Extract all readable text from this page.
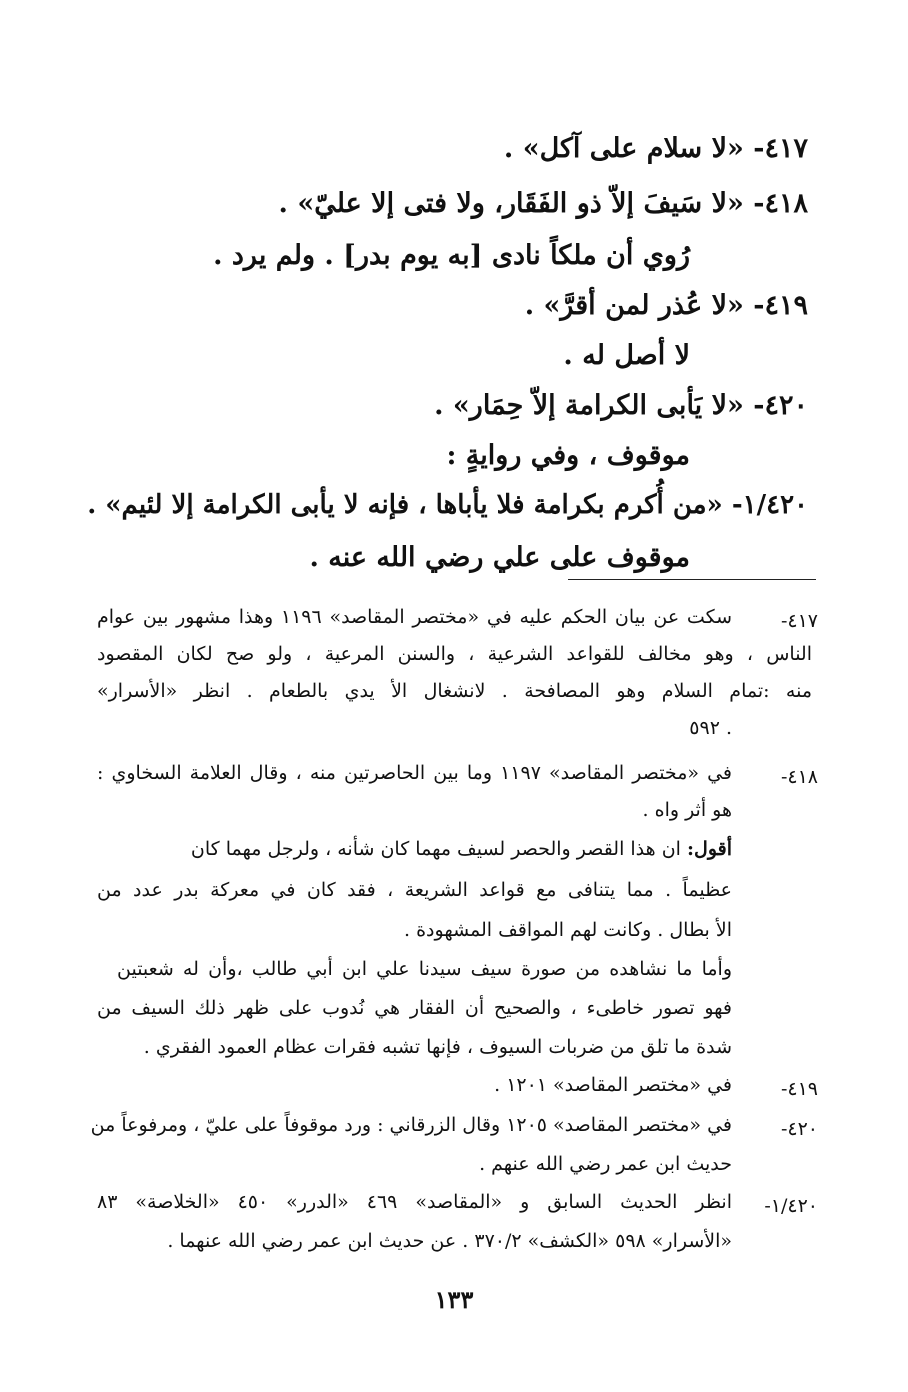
٤١٧- «لا سلام على آكل» .
٤١٨- «لا سَيفَ إلاّ ذو الفَقَار، ولا فتى إلا عليّ» .
رُوي أن ملكاً نادى [به يوم بدر] . ولم يرد .
٤١٩- «لا عُذر لمن أقرَّ» .
لا أصل له .
٤٢٠- «لا يَأبى الكرامة إلاّ حِمَار» .
موقوف ، وفي روايةٍ :
١/٤٢٠- «من أُكرم بكرامة فلا يأباها ، فإنه لا يأبى الكرامة إلا لئيم» .
موقوف على علي رضي الله عنه .
٤١٧-
سكت عن بيان الحكم عليه في «مختصر المقاصد» ١١٩٦ وهذا مشهور بين عوام
الناس ، وهو مخالف للقواعد الشرعية ، والسنن المرعية ، ولو صح لكان المقصود
منه :تمام السلام وهو المصافحة . لانشغال الأ يدي بالطعام . انظر «الأسرار»
٥٩٢ .
٤١٨-
في «مختصر المقاصد» ١١٩٧ وما بين الحاصرتين منه ، وقال العلامة السخاوي :
هو أثر واه .
أقول: ان هذا القصر والحصر لسيف مهما كان شأنه ، ولرجل مهما كان
عظيماً . مما يتنافى مع قواعد الشريعة ، فقد كان في معركة بدر عدد من
الأ بطال . وكانت لهم المواقف المشهودة .
وأما ما نشاهده من صورة سيف سيدنا علي ابن أبي طالب ،وأن له شعبتين
فهو تصور خاطىء ، والصحيح أن الفقار هي نُدوب على ظهر ذلك السيف من
شدة ما تلق من ضربات السيوف ، فإنها تشبه فقرات عظام العمود الفقري .
٤١٩-
في «مختصر المقاصد» ١٢٠١ .
٤٢٠-
في «مختصر المقاصد» ١٢٠٥ وقال الزرقاني : ورد موقوفاً على عليّ ، ومرفوعاً من
حديث ابن عمر رضي الله عنهم .
١/٤٢٠-
انظر الحديث السابق و «المقاصد» ٤٦٩ «الدرر» ٤٥٠ «الخلاصة» ٨٣
«الأسرار» ٥٩٨ «الكشف» ٣٧٠/٢ . عن حديث ابن عمر رضي الله عنهما .
١٣٣
